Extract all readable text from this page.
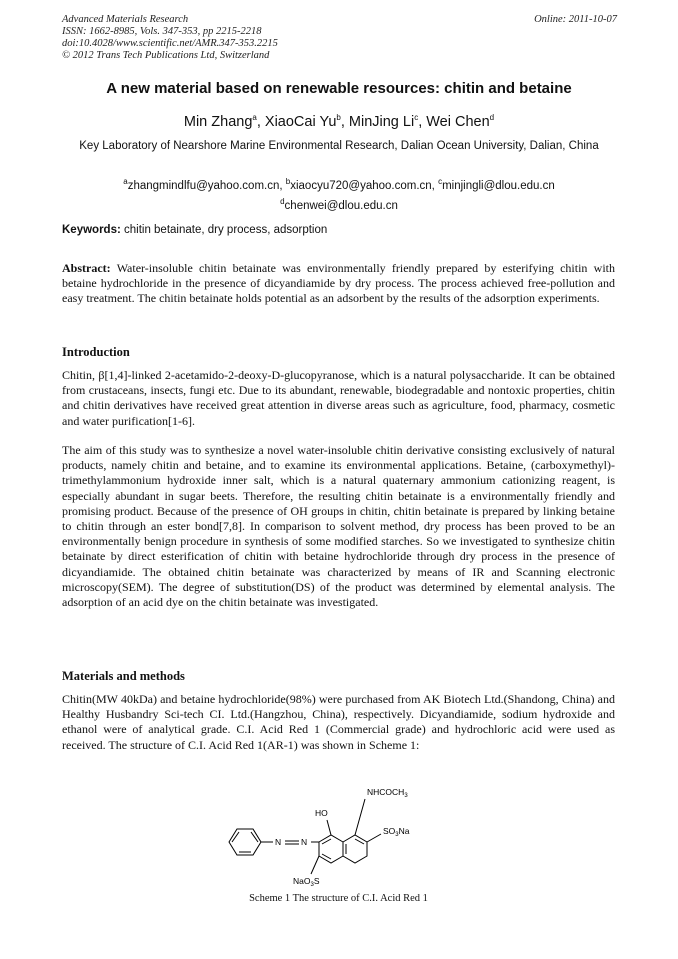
Advanced Materials Research
ISSN: 1662-8985, Vols. 347-353, pp 2215-2218
doi:10.4028/www.scientific.net/AMR.347-353.2215
© 2012 Trans Tech Publications Ltd, Switzerland
Online: 2011-10-07
A new material based on renewable resources: chitin and betaine
Min Zhang$^a$, XiaoCai Yu$^b$, MinJing Li$^c$, Wei Chen$^d$
Key Laboratory of Nearshore Marine Environmental Research, Dalian Ocean University, Dalian, China
$^a$zhangmindlfu@yahoo.com.cn, $^b$xiaocyu720@yahoo.com.cn, $^c$minjingli@dlou.edu.cn
$^d$chenwei@dlou.edu.cn
Keywords: chitin betainate, dry process, adsorption
Abstract: Water-insoluble chitin betainate was environmentally friendly prepared by esterifying chitin with betaine hydrochloride in the presence of dicyandiamide by dry process. The process achieved free-pollution and easy treatment. The chitin betainate holds potential as an adsorbent by the results of the adsorption experiments.
Introduction
Chitin, β[1,4]-linked 2-acetamido-2-deoxy-D-glucopyranose, which is a natural polysaccharide. It can be obtained from crustaceans, insects, fungi etc. Due to its abundant, renewable, biodegradable and nontoxic properties, chitin and chitin derivatives have received great attention in diverse areas such as agriculture, food, pharmacy, cosmetic and water purification[1-6].
The aim of this study was to synthesize a novel water-insoluble chitin derivative consisting exclusively of natural products, namely chitin and betaine, and to examine its environmental applications. Betaine, (carboxymethyl)-trimethylammonium hydroxide inner salt, which is a natural quaternary ammonium cationizing reagent, is especially abundant in sugar beets. Therefore, the resulting chitin betainate is a environmentally friendly and promising product. Because of the presence of OH groups in chitin, chitin betainate is prepared by linking betaine to chitin through an ester bond[7,8]. In comparison to solvent method, dry process has been proved to be an environmentally benign procedure in synthesis of some modified starches. So we investigated to synthesize chitin betainate by direct esterification of chitin with betaine hydrochloride through dry process in the presence of dicyandiamide. The obtained chitin betainate was characterized by means of IR and Scanning electronic microscopy(SEM). The degree of substitution(DS) of the product was determined by elemental analysis. The adsorption of an acid dye on the chitin betainate was investigated.
Materials and methods
Chitin(MW 40kDa) and betaine hydrochloride(98%) were purchased from AK Biotech Ltd.(Shandong, China) and Healthy Husbandry Sci-tech CI. Ltd.(Hangzhou, China), respectively. Dicyandiamide, sodium hydroxide and ethanol were of analytical grade. C.I. Acid Red 1 (Commercial grade) and hydrochloric acid were used as received. The structure of C.I. Acid Red 1(AR-1) was shown in Scheme 1:
$NHCOCH_3$
HO
$SO_3Na$
N N
NaO$_3$S
Scheme 1 The structure of C.I. Acid Red 1
